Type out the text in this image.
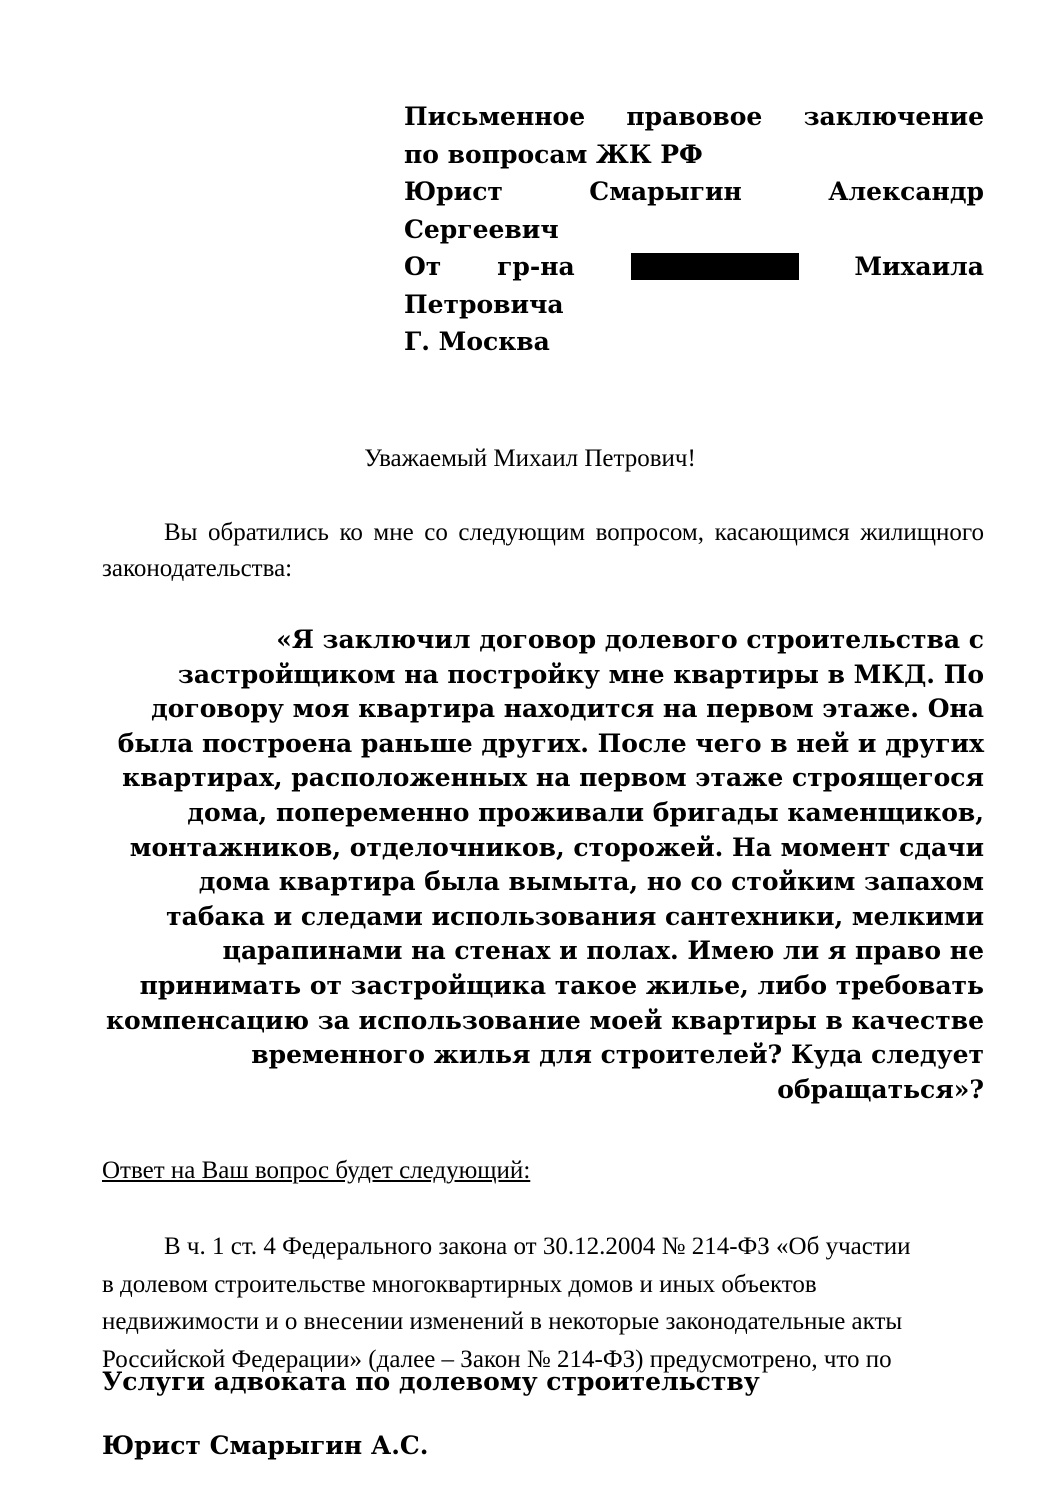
Письменное правовое заключение
по вопросам ЖК РФ
Юрист	Смарыгин	Александр
Сергеевич
От гр-на	Михаила
Петровича
Г. Москва
Уважаемый Михаил Петрович!
Вы обратились ко мне со следующим вопросом, касающимся жилищного законодательства:
«Я заключил договор долевого строительства с
застройщиком на постройку мне квартиры в МКД. По
договору моя квартира находится на первом этаже. Она
была построена раньше других. После чего в ней и других
квартирах, расположенных на первом этаже строящегося
дома, попеременно проживали бригады каменщиков,
монтажников, отделочников, сторожей. На момент сдачи
дома квартира была вымыта, но со стойким запахом
табака и следами использования сантехники, мелкими
царапинами на стенах и полах. Имею ли я право не
принимать от застройщика такое жилье, либо требовать
компенсацию за использование моей квартиры в качестве
временного жилья для строителей? Куда следует
обращаться»?
Ответ на Ваш вопрос будет следующий:
В ч. 1 ст. 4 Федерального закона от 30.12.2004 № 214-ФЗ «Об участии
в долевом строительстве многоквартирных домов и иных объектов
недвижимости и о внесении изменений в некоторые законодательные акты
Российской Федерации» (далее – Закон № 214-ФЗ) предусмотрено, что по
Услуги адвоката по долевому строительству
Юрист Смарыгин А.С.
